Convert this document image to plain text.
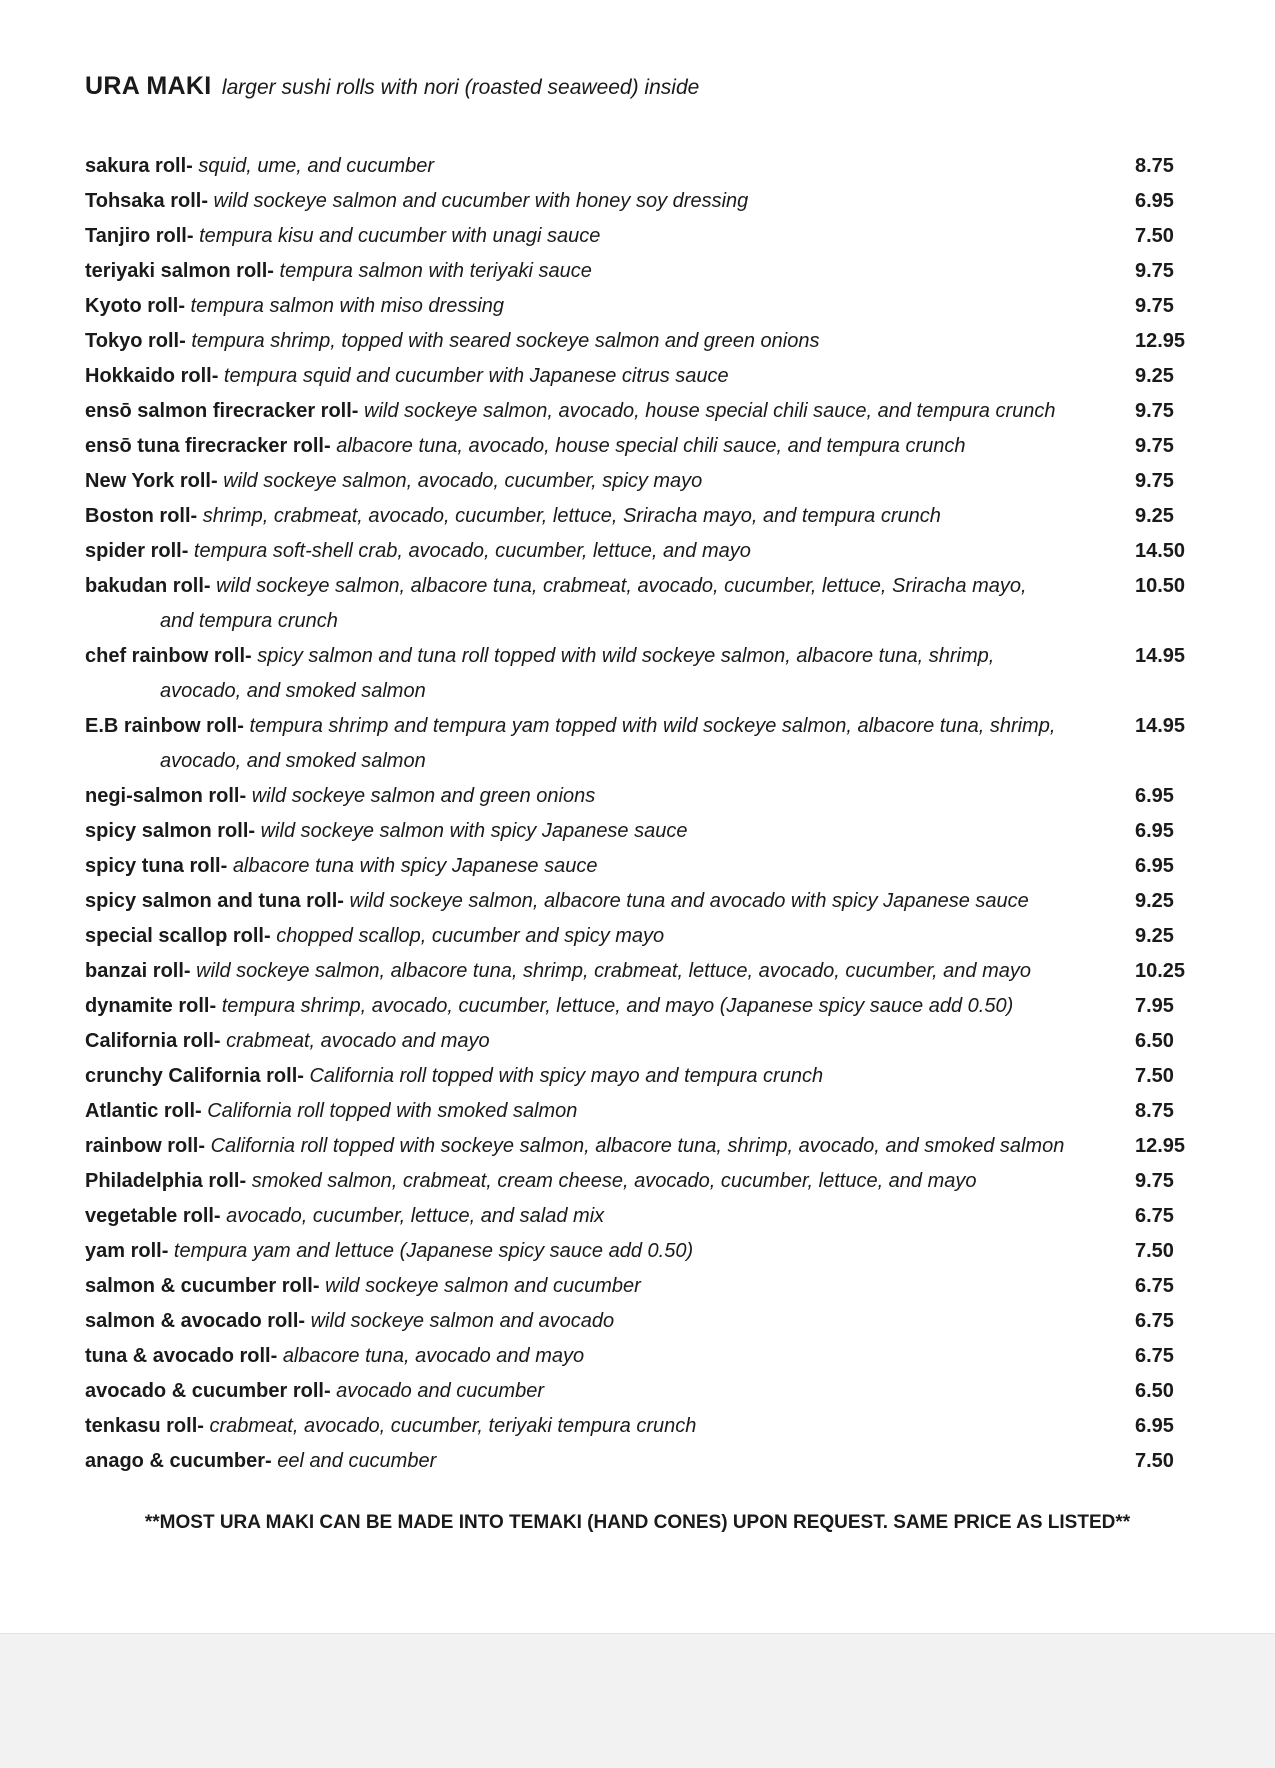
URA MAKI larger sushi rolls with nori (roasted seaweed) inside
sakura roll- squid, ume, and cucumber	8.75
Tohsaka roll- wild sockeye salmon and cucumber with honey soy dressing	6.95
Tanjiro roll- tempura kisu and cucumber with unagi sauce	7.50
teriyaki salmon roll- tempura salmon with teriyaki sauce	9.75
Kyoto roll- tempura salmon with miso dressing	9.75
Tokyo roll- tempura shrimp, topped with seared sockeye salmon and green onions	12.95
Hokkaido roll- tempura squid and cucumber with Japanese citrus sauce	9.25
ensō salmon firecracker roll- wild sockeye salmon, avocado, house special chili sauce, and tempura crunch	9.75
ensō tuna firecracker roll- albacore tuna, avocado, house special chili sauce, and tempura crunch	9.75
New York roll- wild sockeye salmon, avocado, cucumber, spicy mayo	9.75
Boston roll- shrimp, crabmeat, avocado, cucumber, lettuce, Sriracha mayo, and tempura crunch	9.25
spider roll- tempura soft-shell crab, avocado, cucumber, lettuce, and mayo	14.50
bakudan roll- wild sockeye salmon, albacore tuna, crabmeat, avocado, cucumber, lettuce, Sriracha mayo,
and tempura crunch
10.50
chef rainbow roll- spicy salmon and tuna roll topped with wild sockeye salmon, albacore tuna, shrimp,
avocado, and smoked salmon
14.95
E.B rainbow roll- tempura shrimp and tempura yam topped with wild sockeye salmon, albacore tuna, shrimp,
avocado, and smoked salmon
14.95
negi-salmon roll- wild sockeye salmon and green onions	6.95
spicy salmon roll- wild sockeye salmon with spicy Japanese sauce	6.95
spicy tuna roll- albacore tuna with spicy Japanese sauce	6.95
spicy salmon and tuna roll- wild sockeye salmon, albacore tuna and avocado with spicy Japanese sauce	9.25
special scallop roll- chopped scallop, cucumber and spicy mayo	9.25
banzai roll- wild sockeye salmon, albacore tuna, shrimp, crabmeat, lettuce, avocado, cucumber, and mayo	10.25
dynamite roll- tempura shrimp, avocado, cucumber, lettuce, and mayo (Japanese spicy sauce add 0.50)	7.95
California roll- crabmeat, avocado and mayo	6.50
crunchy California roll- California roll topped with spicy mayo and tempura crunch	7.50
Atlantic roll- California roll topped with smoked salmon	8.75
rainbow roll- California roll topped with sockeye salmon, albacore tuna, shrimp, avocado, and smoked salmon	12.95
Philadelphia roll- smoked salmon, crabmeat, cream cheese, avocado, cucumber, lettuce, and mayo	9.75
vegetable roll- avocado, cucumber, lettuce, and salad mix	6.75
yam roll- tempura yam and lettuce (Japanese spicy sauce add 0.50)	7.50
salmon & cucumber roll- wild sockeye salmon and cucumber	6.75
salmon & avocado roll- wild sockeye salmon and avocado	6.75
tuna & avocado roll- albacore tuna, avocado and mayo	6.75
avocado & cucumber roll- avocado and cucumber	6.50
tenkasu roll- crabmeat, avocado, cucumber, teriyaki tempura crunch	6.95
anago & cucumber- eel and cucumber	7.50
**MOST URA MAKI CAN BE MADE INTO TEMAKI (HAND CONES) UPON REQUEST. SAME PRICE AS LISTED**
